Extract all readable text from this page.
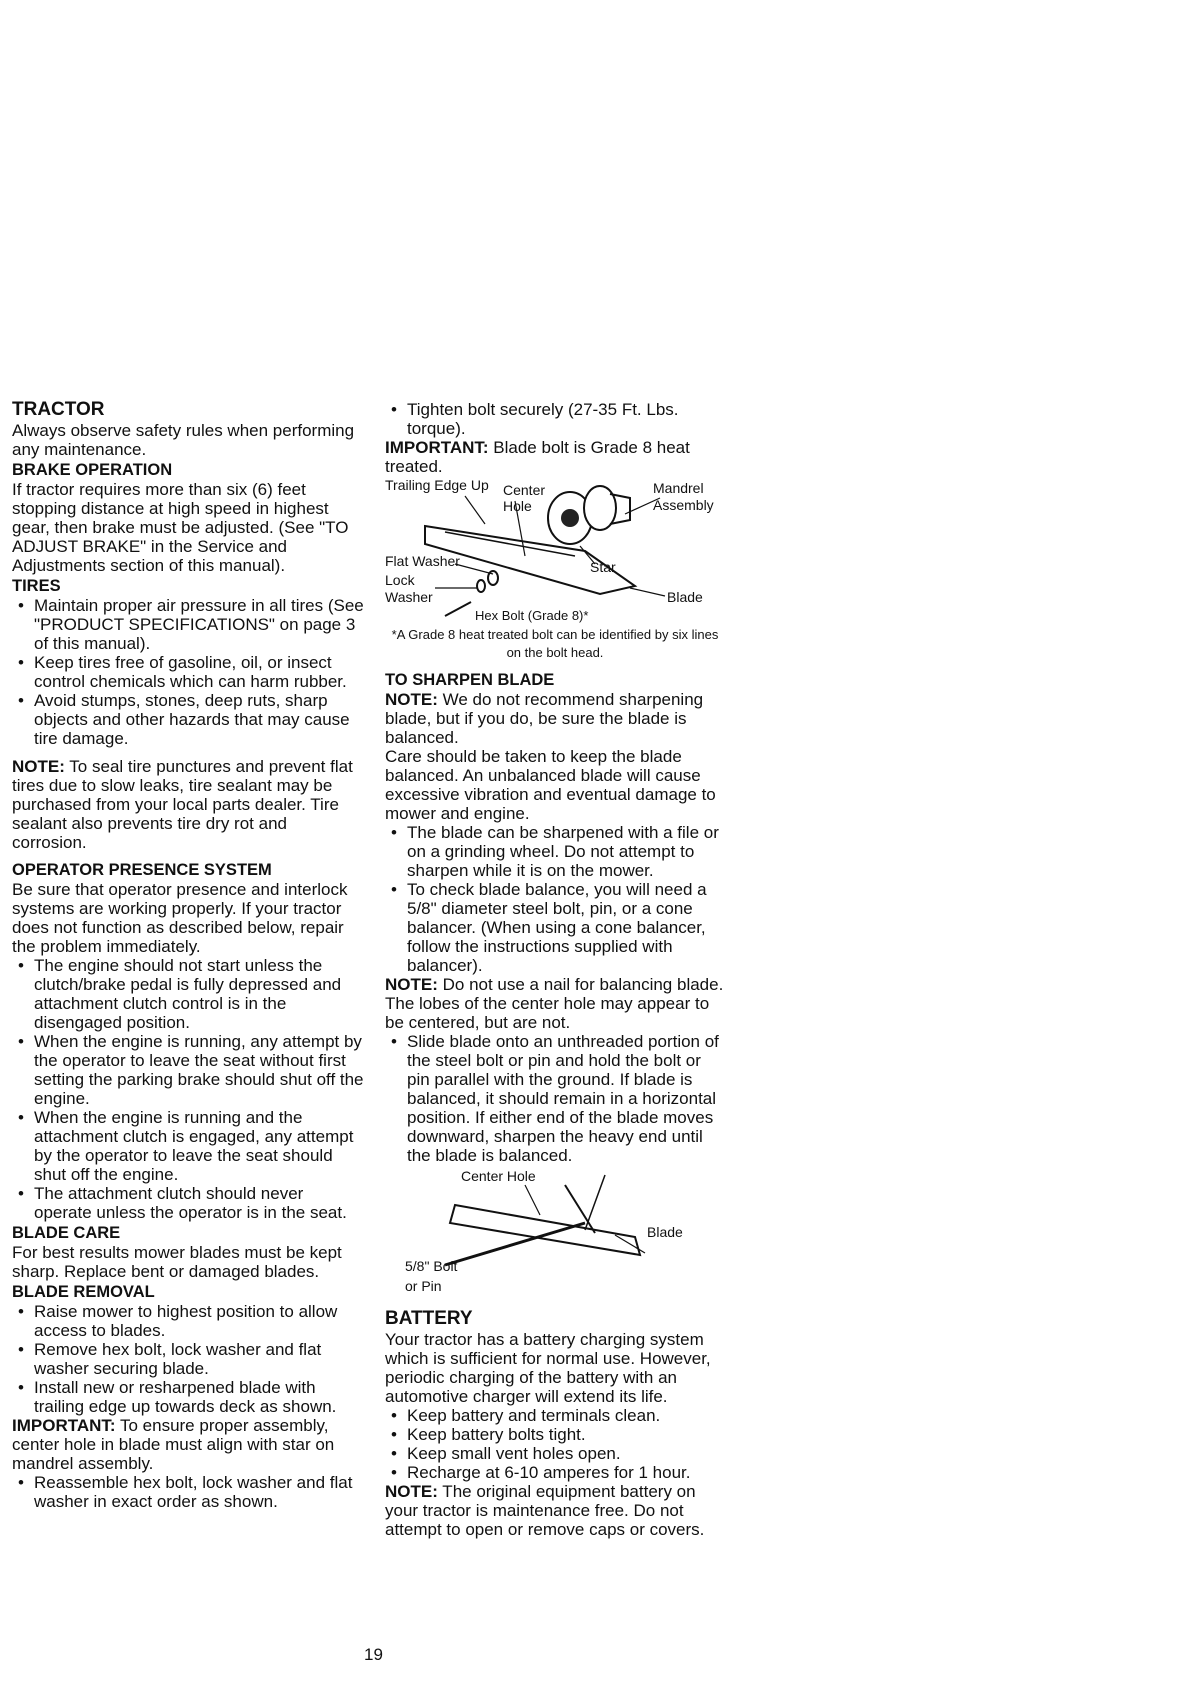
TRACTOR

Always observe safety rules when performing any maintenance.

BRAKE OPERATION

If tractor requires more than six (6) feet stopping distance at high speed in highest gear, then brake must be adjusted. (See "TO ADJUST BRAKE" in the Service and Adjustments section of this manual).

TIRES
• Maintain proper air pressure in all tires (See "PRODUCT SPECIFICATIONS" on page 3 of this manual).
• Keep tires free of gasoline, oil, or insect control chemicals which can harm rubber.
• Avoid stumps, stones, deep ruts, sharp objects and other hazards that may cause tire damage.

NOTE: To seal tire punctures and prevent flat tires due to slow leaks, tire sealant may be purchased from your local parts dealer. Tire sealant also prevents tire dry rot and corrosion.

OPERATOR PRESENCE SYSTEM

Be sure that operator presence and interlock systems are working properly. If your tractor does not function as described below, repair the problem immediately.

• The engine should not start unless the clutch/brake pedal is fully depressed and attachment clutch control is in the disengaged position.
• When the engine is running, any attempt by the operator to leave the seat without first setting the parking brake should shut off the engine.
• When the engine is running and the attachment clutch is engaged, any attempt by the operator to leave the seat should shut off the engine.
• The attachment clutch should never operate unless the operator is in the seat.
BLADE CARE

For best results mower blades must be kept sharp. Replace bent or damaged blades.

BLADE REMOVAL
• Raise mower to highest position to allow access to blades.
• Remove hex bolt, lock washer and flat washer securing blade.
• Install new or resharpened blade with trailing edge up towards deck as shown.

IMPORTANT: To ensure proper assembly, center hole in blade must align with star on mandrel assembly.

• Reassemble hex bolt, lock washer and flat washer in exact order as shown.
• Tighten bolt securely (27-35 Ft. Lbs. torque).

IMPORTANT: Blade bolt is Grade 8 heat treated.

Trailing Edge Up Center Hole
Mandrel Assembly
Flat Washer
Lock Washer
Star
Blade
Hex Bolt (Grade 8)*

*A Grade 8 heat treated bolt can be identified by six lines on the bolt head.

TO SHARPEN BLADE

NOTE: We do not recommend sharpening blade, but if you do, be sure the blade is balanced.

Care should be taken to keep the blade balanced. An unbalanced blade will cause excessive vibration and eventual damage to mower and engine.

• The blade can be sharpened with a file or on a grinding wheel. Do not attempt to sharpen while it is on the mower.
• To check blade balance, you will need a 5/8" diameter steel bolt, pin, or a cone balancer. (When using a cone balancer, follow the instructions supplied with balancer).

NOTE: Do not use a nail for balancing blade. The lobes of the center hole may appear to be centered, but are not.

• Slide blade onto an unthreaded portion of the steel bolt or pin and hold the bolt or pin parallel with the ground. If blade is balanced, it should remain in a horizontal position. If either end of the blade moves downward, sharpen the heavy end until the blade is balanced.
Center Hole
Blade
5/8" Bolt
or Pin
BATTERY

Your tractor has a battery charging system which is sufficient for normal use. However, periodic charging of the battery with an automotive charger will extend its life.

• Keep battery and terminals clean.
• Keep battery bolts tight.
• Keep small vent holes open.
• Recharge at 6-10 amperes for 1 hour.

NOTE: The original equipment battery on your tractor is maintenance free. Do not attempt to open or remove caps or covers.

19
